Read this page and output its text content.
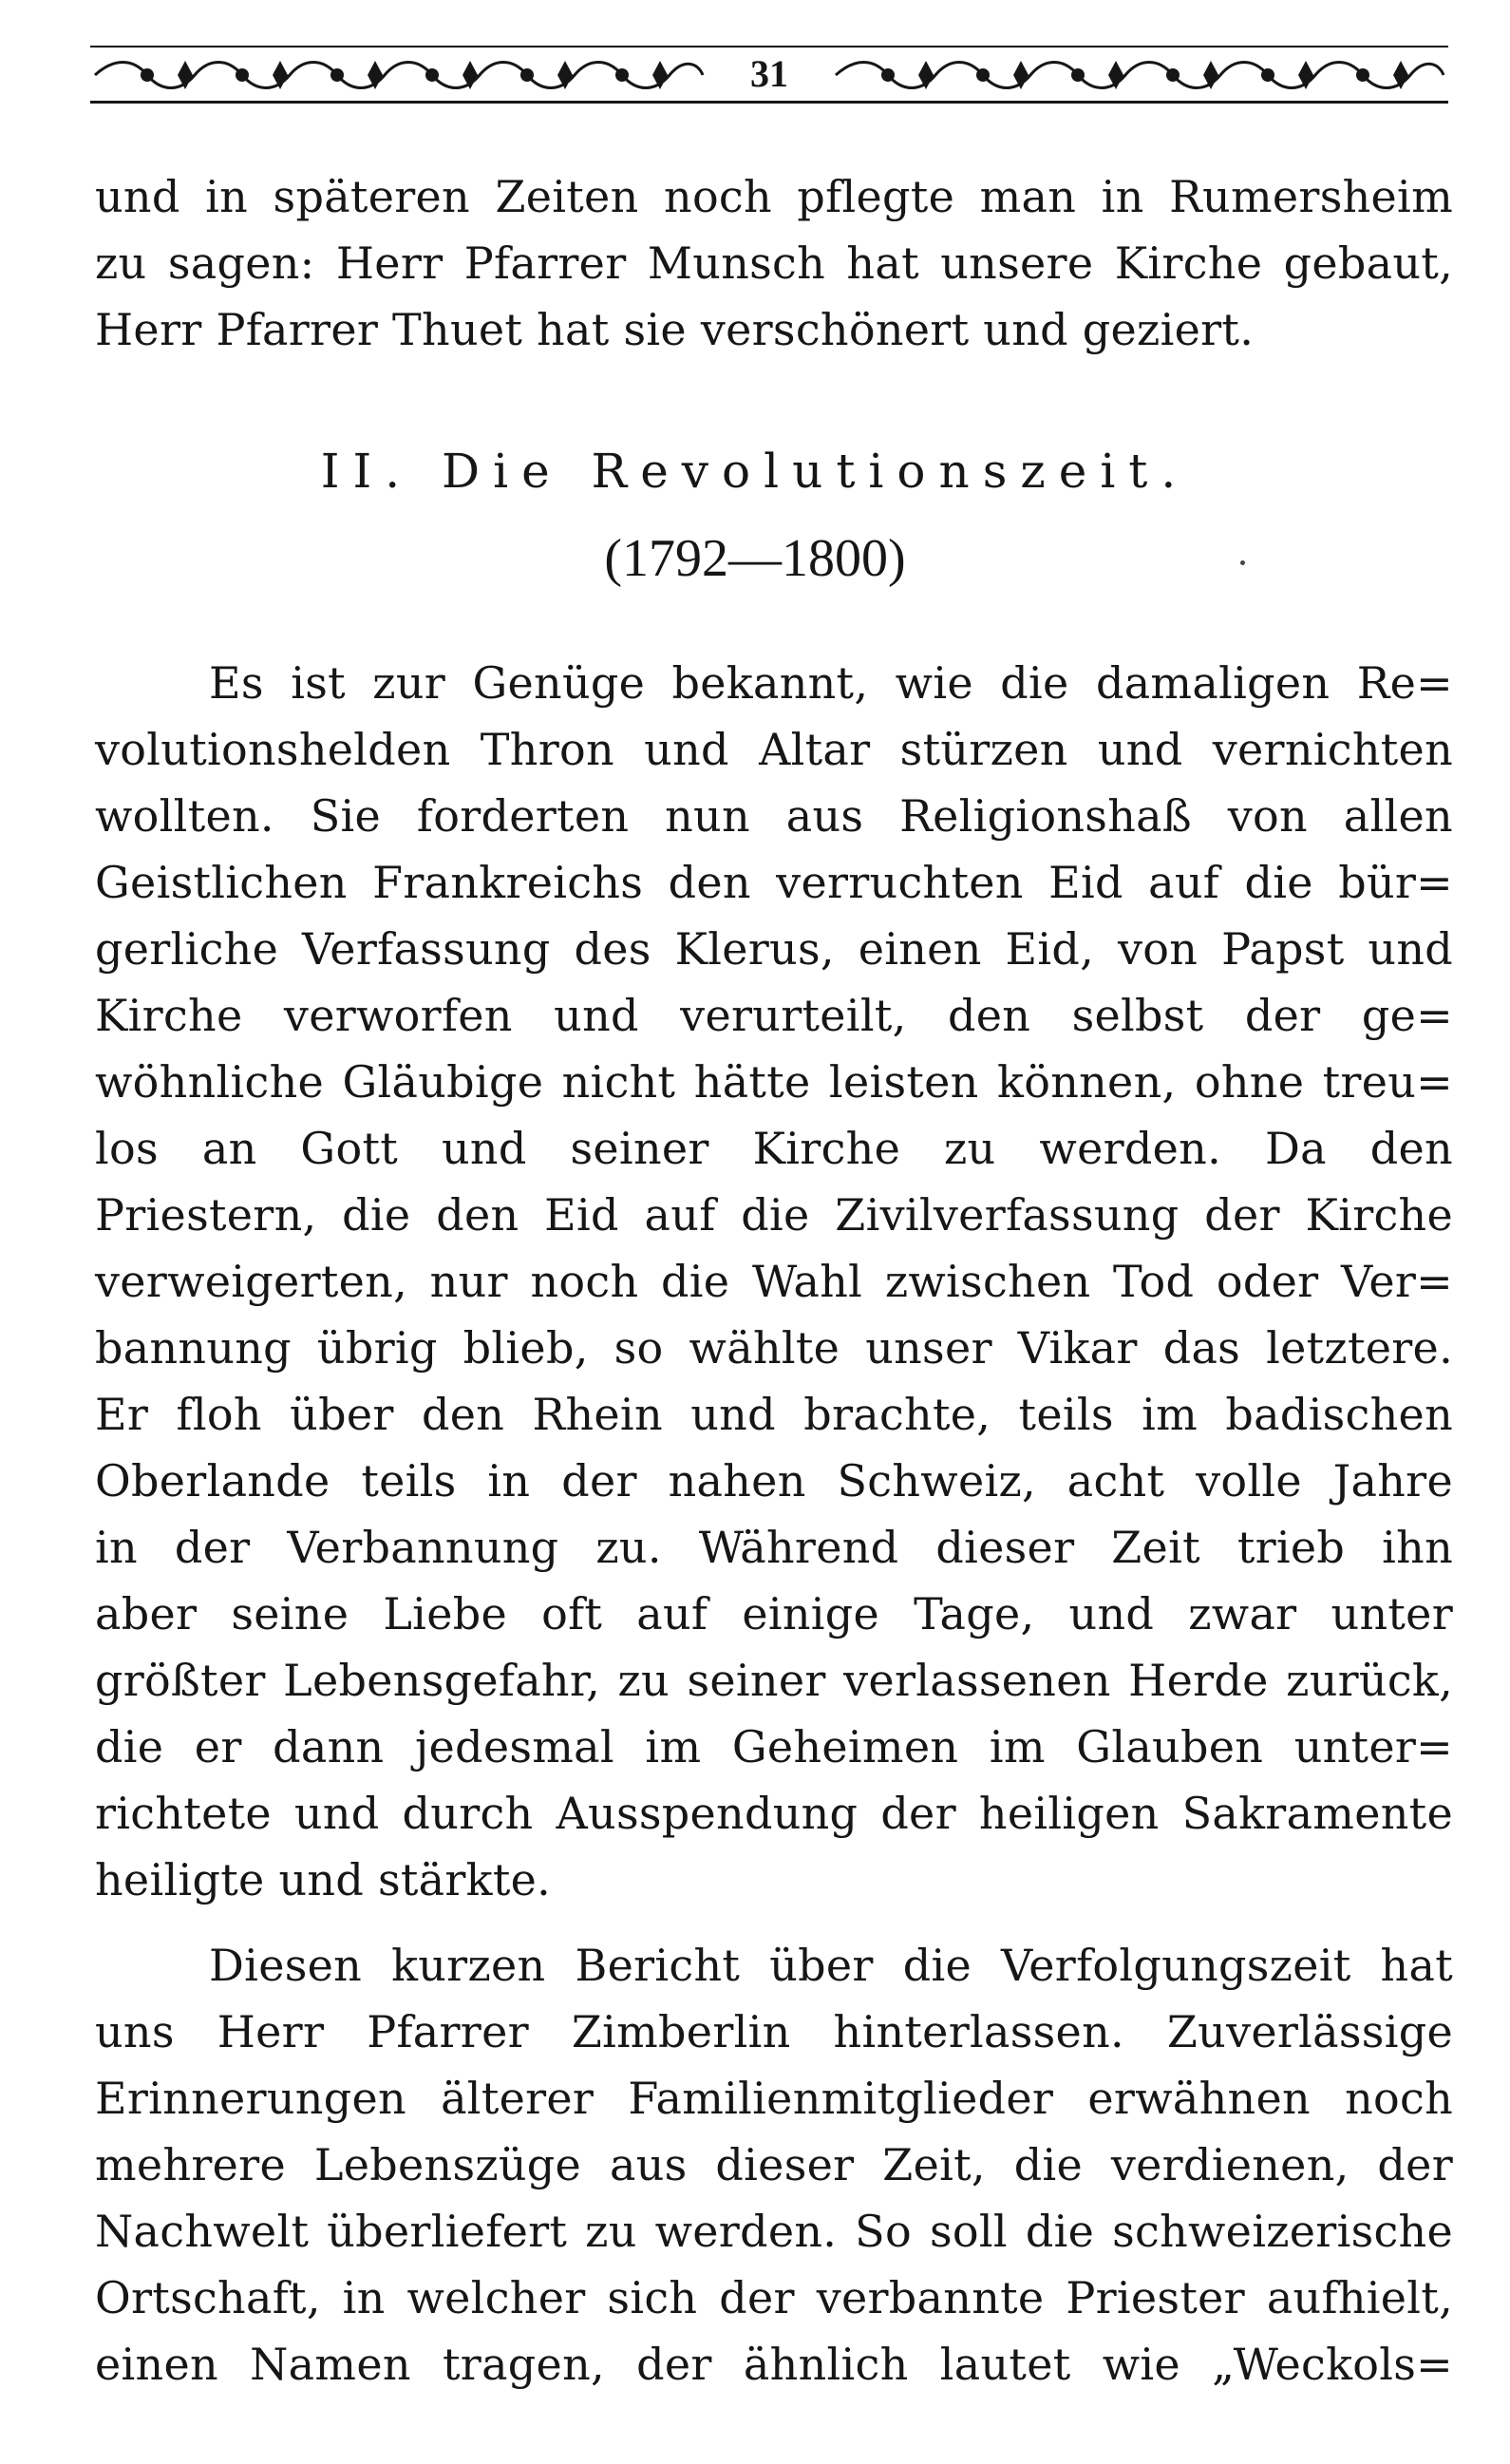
31
und in späteren Zeiten noch pflegte man in Rumersheim
zu sagen: Herr Pfarrer Munsch hat unsere Kirche gebaut,
Herr Pfarrer Thuet hat sie verschönert und geziert.
II. Die Revolutionszeit.
(1792—1800)
Es ist zur Genüge bekannt, wie die damaligen Re=
volutionshelden Thron und Altar stürzen und vernichten
wollten. Sie forderten nun aus Religionshaß von allen
Geistlichen Frankreichs den verruchten Eid auf die bür=
gerliche Verfassung des Klerus, einen Eid, von Papst und
Kirche verworfen und verurteilt, den selbst der ge=
wöhnliche Gläubige nicht hätte leisten können, ohne treu=
los an Gott und seiner Kirche zu werden. Da den
Priestern, die den Eid auf die Zivilverfassung der Kirche
verweigerten, nur noch die Wahl zwischen Tod oder Ver=
bannung übrig blieb, so wählte unser Vikar das letztere.
Er floh über den Rhein und brachte, teils im badischen
Oberlande teils in der nahen Schweiz, acht volle Jahre
in der Verbannung zu. Während dieser Zeit trieb ihn
aber seine Liebe oft auf einige Tage, und zwar unter
größter Lebensgefahr, zu seiner verlassenen Herde zurück,
die er dann jedesmal im Geheimen im Glauben unter=
richtete und durch Ausspendung der heiligen Sakramente
heiligte und stärkte.
Diesen kurzen Bericht über die Verfolgungszeit hat
uns Herr Pfarrer Zimberlin hinterlassen. Zuverlässige
Erinnerungen älterer Familienmitglieder erwähnen noch
mehrere Lebenszüge aus dieser Zeit, die verdienen, der
Nachwelt überliefert zu werden. So soll die schweizerische
Ortschaft, in welcher sich der verbannte Priester aufhielt,
einen Namen tragen, der ähnlich lautet wie „Weckols=
